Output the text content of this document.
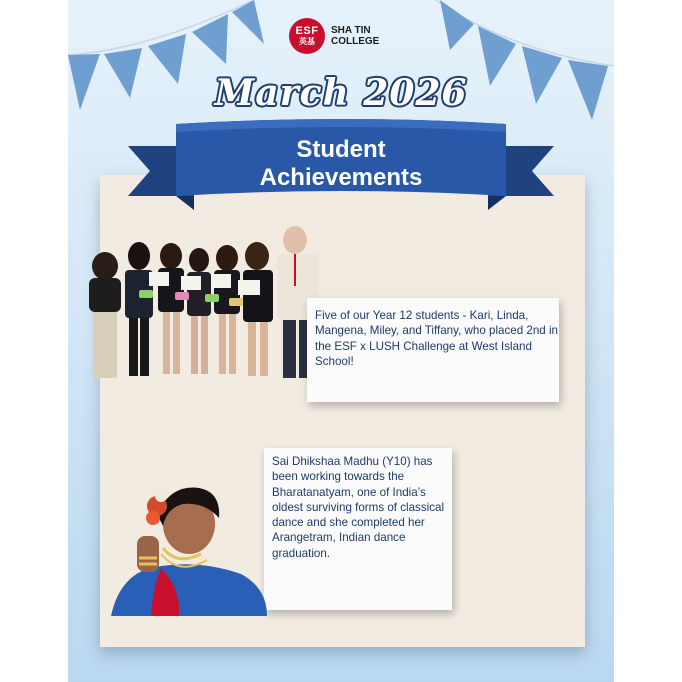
ESF
英基
SHA TIN
COLLEGE
March 2026
Student
Achievements
Five of our Year 12 students - Kari, Linda, Mangena, Miley, and Tiffany, who placed 2nd in the ESF x LUSH Challenge at West Island School!
Sai Dhikshaa Madhu (Y10) has been working towards the Bharatanatyam, one of India’s oldest surviving forms of classical dance and she completed her Arangetram, Indian dance graduation.
